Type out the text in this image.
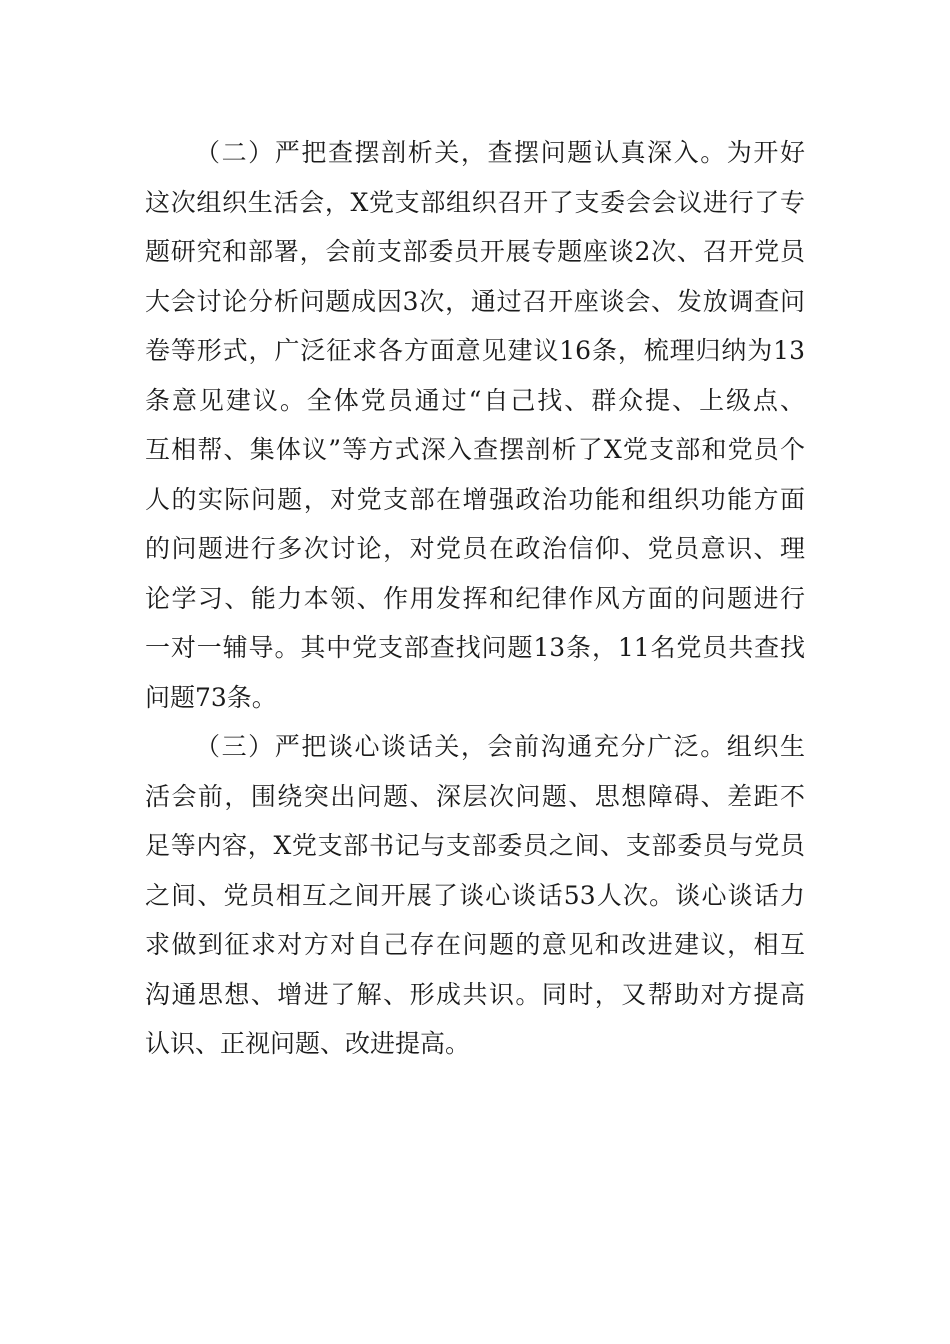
（二）严把查摆剖析关，查摆问题认真深入。为开好
这次组织生活会，X党支部组织召开了支委会会议进行了专
题研究和部署，会前支部委员开展专题座谈2次、召开党员
大会讨论分析问题成因3次，通过召开座谈会、发放调查问
卷等形式，广泛征求各方面意见建议16条，梳理归纳为13
条意见建议。全体党员通过“自己找、群众提、上级点、
互相帮、集体议”等方式深入查摆剖析了X党支部和党员个
人的实际问题，对党支部在增强政治功能和组织功能方面
的问题进行多次讨论，对党员在政治信仰、党员意识、理
论学习、能力本领、作用发挥和纪律作风方面的问题进行
一对一辅导。其中党支部查找问题13条，11名党员共查找
问题73条。
（三）严把谈心谈话关，会前沟通充分广泛。组织生
活会前，围绕突出问题、深层次问题、思想障碍、差距不
足等内容，X党支部书记与支部委员之间、支部委员与党员
之间、党员相互之间开展了谈心谈话53人次。谈心谈话力
求做到征求对方对自己存在问题的意见和改进建议，相互
沟通思想、增进了解、形成共识。同时，又帮助对方提高
认识、正视问题、改进提高。
